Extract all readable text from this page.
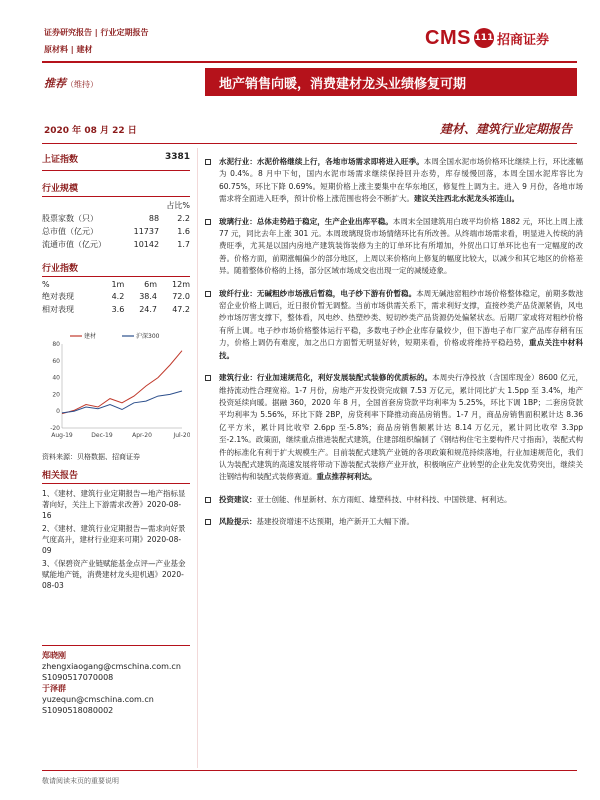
证券研究报告 | 行业定期报告
原材料 | 建材
CMS 111 招商证券
推荐（维持）	地产销售向暖，消费建材龙头业绩修复可期
2020 年 08 月 22 日	建材、建筑行业定期报告
上证指数	3381
行业规模
		占比%
股票家数（只）	88	2.2
总市值（亿元）	11737	1.6
流通市值（亿元）	10142	1.7
行业指数
%	1m	6m	12m
绝对表现	4.2	38.4	72.0
相对表现	3.6	24.7	47.2
80
60
40
20
0
-20
Aug-19	Dec-19	Apr-20	Jul-20
建材	沪深300
资料来源：贝格数据、招商证券
相关报告

1、《建材、建筑行业定期报告—地产指标显著向好，关注上下游需求改善》2020-08-16

2、《建材、建筑行业定期报告—需求向好景气度高升，建材行业迎来可期》2020-08-09

3、《保碧资产业链赋能基金点评—产业基金赋能地产链，消费建材龙头迎机遇》2020-08-03

郑晓刚
zhengxiaogang@cmschina.com.cn
S1090517070008
于泽群
yuzequn@cmschina.com.cn
S1090518080002
水泥行业：水泥价格继续上行，各地市场需求即将进入旺季。本周全国水泥市场价格环比继续上行，环比涨幅为 0.4%。8 月中下旬，国内水泥市场需求继续保持回升态势，库存缓慢回落，本周全国水泥库容比为 60.75%，环比下降 0.69%。短期价格上涨主要集中在华东地区，修复性上调为主。进入 9 月份，各地市场需求将全面进入旺季，预计价格上涨范围也将会不断扩大。建议关注西北水泥龙头祁连山。
玻璃行业：总体走势趋于稳定，生产企业出库平稳。本周末全国建筑用白玻平均价格 1882 元，环比上周上涨 77 元，同比去年上涨 301 元。本周玻璃现货市场情绪环比有所改善。从终端市场需求看，明显进入传统的消费旺季，尤其是以国内房地产建筑装饰装修为主的订单环比有所增加，外贸出口订单环比也有一定幅度的改善。价格方面，前期涨幅偏少的部分地区，上周以来价格向上修复的幅度比较大，以减少和其它地区的价格差异。随着整体价格的上扬，部分区域市场成交也出现一定的减缓迹象。
玻纤行业：无碱粗纱市场涨后暂稳，电子纱下游有价暂稳。本周无碱池窑粗纱市场价格整体稳定，前期多数池窑企业价格上调后，近日报价暂无调整。当前市场供需关系下，需求利好支撑，直接纱类产品货源紧俏，风电纱市场厉害支撑下，整体看，风电纱、热塑纱类、短切纱类产品货源仍处偏紧状态。后期厂家或将对粗纱价格有所上调。电子纱市场价格整体运行平稳，多数电子纱企业库存量较少，但下游电子布厂家产品库存稍有压力，价格上调仍有难度，加之出口方面暂无明显好转，短期来看，价格或将维持平稳趋势，重点关注中材科技。
建筑行业：行业加速规范化，利好发展装配式装修的优质标的。本周央行净投放（含国库现金）8600 亿元，维持流动性合理宽裕。1-7 月份，房地产开发投资完成额 7.53 万亿元，累计同比扩大 1.5pp 至 3.4%，地产投资延续向暖。据融 360，2020 年 8 月，全国首套房贷款平均利率为 5.25%，环比下调 1BP；二套房贷款平均利率为 5.56%，环比下降 2BP，房贷利率下降推动商品房销售。1-7 月，商品房销售面积累计达 8.36 亿平方米，累计同比收窄 2.6pp 至-5.8%；商品房销售额累计达 8.14 万亿元，累计同比收窄 3.3pp 至-2.1%。政策面，继续重点推进装配式建筑，住建部组织编制了《钢结构住宅主要构件尺寸指南》，装配式构件的标准化有利于扩大规模生产。目前装配式建筑产业链的各项政策和规范持续落地，行业加速规范化，我们认为装配式建筑的高速发展将带动下游装配式装修产业开放，积极响应产业转型的企业先发优势突出，继续关注钢结构和装配式装修赛道。重点推荐柯利达。
投资建议：亚士创能、伟星新材、东方雨虹、雄塑科技、中材科技、中国铁建、柯利达。
风险提示：基建投资增速不达预期，地产新开工大幅下滑。
敬请阅读末页的重要说明
